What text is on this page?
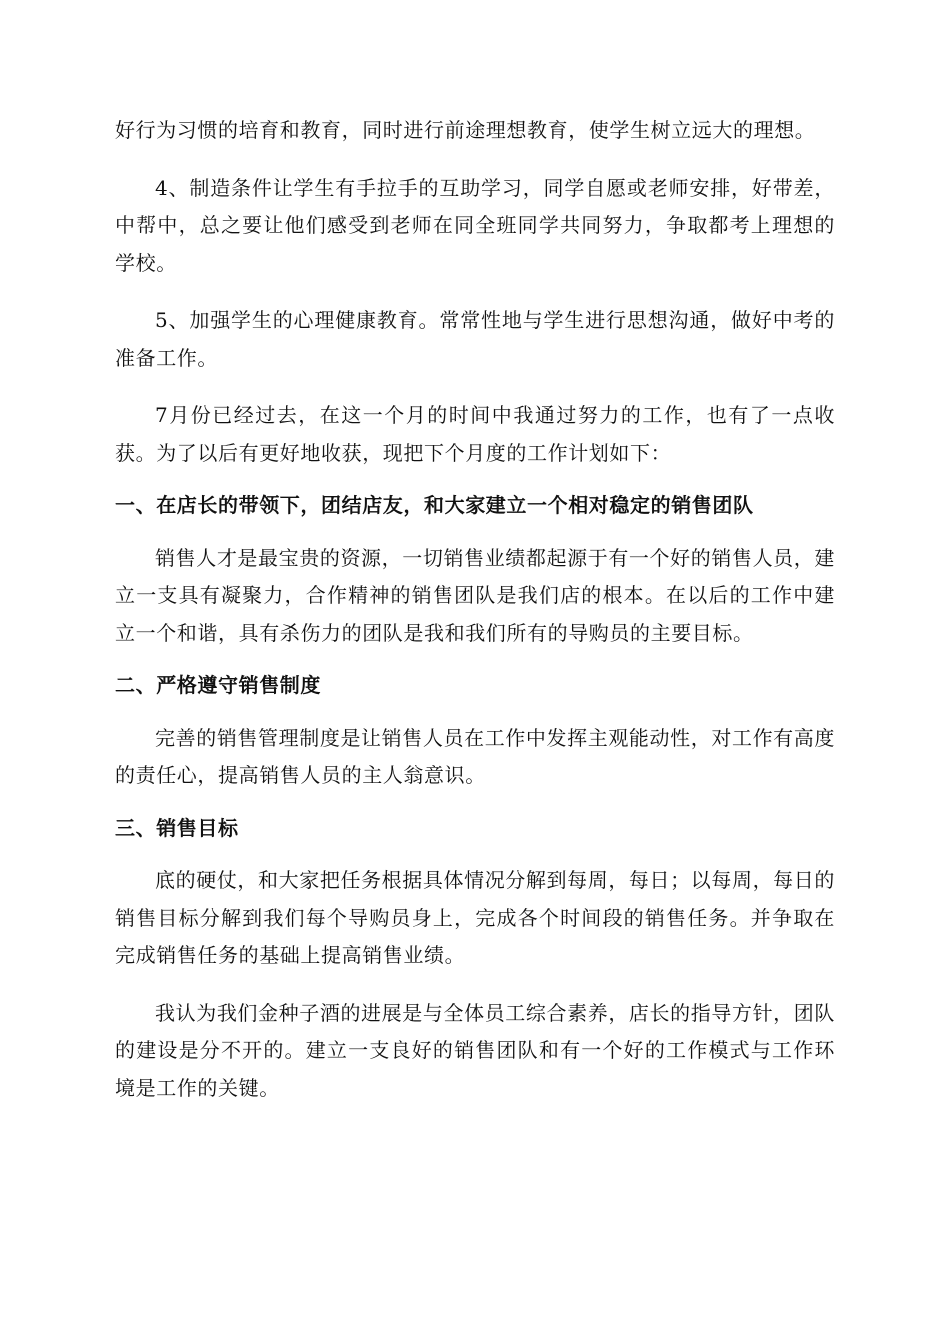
好行为习惯的培育和教育，同时进行前途理想教育，使学生树立远大的理想。

4、制造条件让学生有手拉手的互助学习，同学自愿或老师安排，好带差，中帮中，总之要让他们感受到老师在同全班同学共同努力，争取都考上理想的学校。

5、加强学生的心理健康教育。常常性地与学生进行思想沟通，做好中考的准备工作。

7月份已经过去，在这一个月的时间中我通过努力的工作，也有了一点收获。为了以后有更好地收获，现把下个月度的工作计划如下：

一、在店长的带领下，团结店友，和大家建立一个相对稳定的销售团队

销售人才是最宝贵的资源，一切销售业绩都起源于有一个好的销售人员，建立一支具有凝聚力，合作精神的销售团队是我们店的根本。在以后的工作中建立一个和谐，具有杀伤力的团队是我和我们所有的导购员的主要目标。

二、严格遵守销售制度

完善的销售管理制度是让销售人员在工作中发挥主观能动性，对工作有高度的责任心，提高销售人员的主人翁意识。

三、销售目标

底的硬仗，和大家把任务根据具体情况分解到每周，每日；以每周，每日的销售目标分解到我们每个导购员身上，完成各个时间段的销售任务。并争取在完成销售任务的基础上提高销售业绩。

我认为我们金种子酒的进展是与全体员工综合素养，店长的指导方针，团队的建设是分不开的。建立一支良好的销售团队和有一个好的工作模式与工作环境是工作的关键。
